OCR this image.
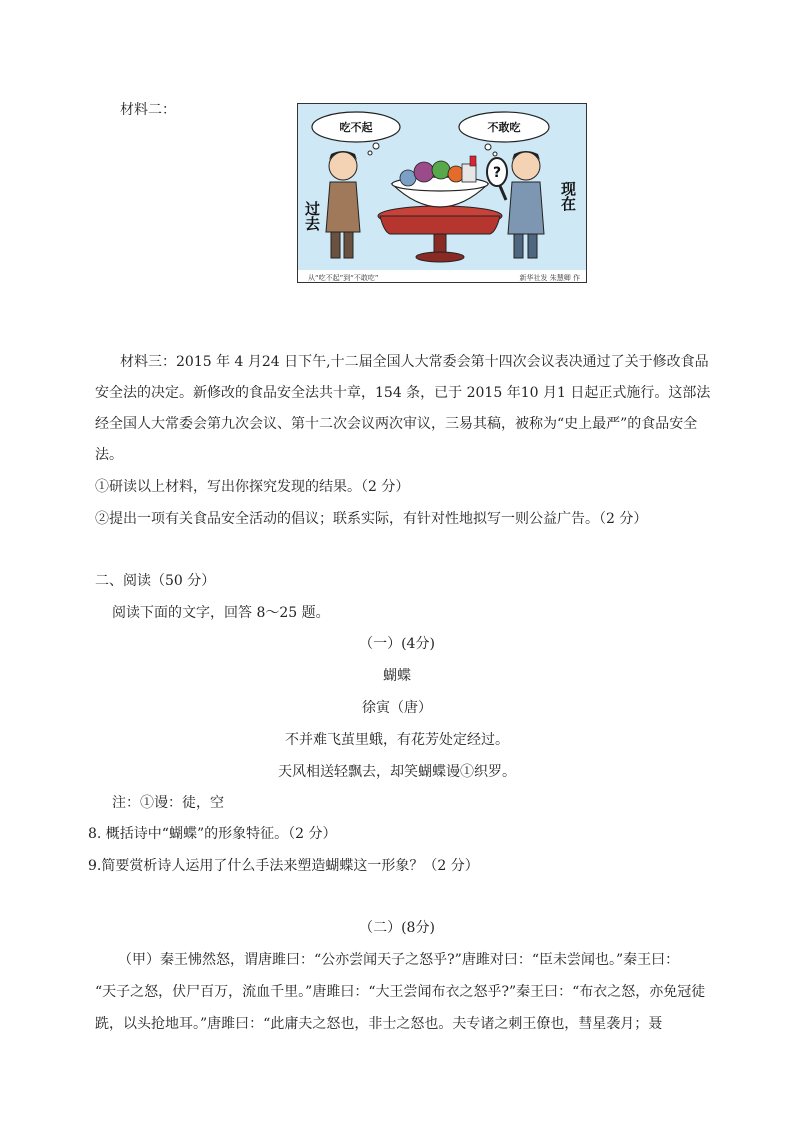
材料二：
吃不起	不敢吃
过去
?
现在
从“吃不起”到“不敢吃”	新华社发 朱慧卿 作
材料三：2015 年 4 月24 日下午,十二届全国人大常委会第十四次会议表决通过了关于修改食品
安全法的决定。新修改的食品安全法共十章，154 条，已于 2015 年10 月1 日起正式施行。这部法
经全国人大常委会第九次会议、第十二次会议两次审议，三易其稿，被称为“史上最严”的食品安全
法。
①研读以上材料，写出你探究发现的结果。（2 分）
②提出一项有关食品安全活动的倡议；联系实际，有针对性地拟写一则公益广告。（2 分）
二、阅读（50 分）
阅读下面的文字，回答 8～25 题。
（一）(4分)
蝴蝶
徐寅（唐）
不并难飞茧里蛾，有花芳处定经过。
天风相送轻飘去，却笑蝴蝶谩①织罗。
注：①谩：徒，空
8. 概括诗中“蝴蝶”的形象特征。（2 分）
9.简要赏析诗人运用了什么手法来塑造蝴蝶这一形象？（2 分）
（二）(8分)
（甲）秦王怫然怒，谓唐雎曰：“公亦尝闻天子之怒乎?”唐雎对曰：“臣未尝闻也。”秦王曰：
“天子之怒，伏尸百万，流血千里。”唐雎曰：“大王尝闻布衣之怒乎?”秦王曰：“布衣之怒，亦免冠徒
跣，以头抢地耳。”唐雎曰：“此庸夫之怒也，非士之怒也。夫专诸之刺王僚也，彗星袭月；聂
